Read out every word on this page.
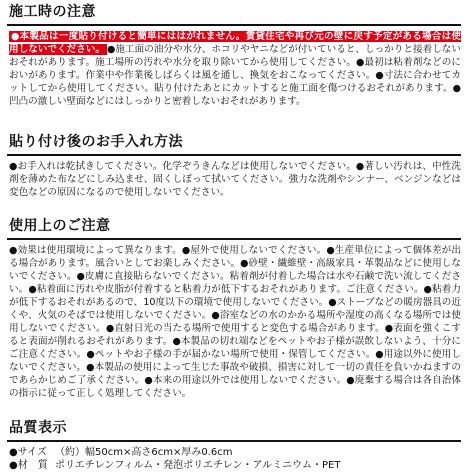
施工時の注意
●本製品は一度貼り付けると簡単にははがれません。賃貸住宅や再び元の壁に戻す予定がある場合は使用しないでください。 ●施工面の油分や水分、ホコリやヤニなどが付いていると、しっかりと接着しないおそれがあります。施工場所の汚れや水分を取り除いてから使用してください。●最初は粘着剤などのにおいがあります。作業中や作業後しばらくは風を通し、換気をおこなってください。●寸法に合わせてカットしてから使用してください。貼り付けたあとにカットすると施工面を傷つけるおそれがあります。●凹凸の激しい壁面などにはしっかりと密着しないおそれがあります。
貼り付け後のお手入れ方法
●お手入れは乾拭きしてください。化学ぞうきんなどは使用しないでください。●著しい汚れは、中性洗剤を薄めた布などにしみ込ませ、固くしぼって拭いてください。強力な洗剤やシンナー、ベンジンなどは変色などの原因になるので使用しないでください。
使用上のご注意
●効果は使用環境によって異なります。●屋外で使用しないでください。●生産単位によって個体差が出る場合があります。風合いとしてお楽しみください。●砂壁・繊維壁・高級家具・革製品などに使用しないでください。●皮膚に直接貼らないでください。粘着剤が付着した場合は水や石鹸で洗い流してください。●粘着面に汚れや皮脂が付着すると粘着力が低下するおそれがあります。ご注意ください。●粘着力が低下するおそれがあるので、10度以下の環境で使用しないでください。●ストーブなどの暖房器具の近くや、火気のそばでは使用しないでください。●浴室などの水のかかる場所や湿度の高くなる場所では使用しないでください。●直射日光の当たる場所で使用すると変色する場合があります。●表面を強くこすると表面が削れるおそれがあります。●本製品の切れ端などをペットやお子様が誤飲しないよう、十分にご注意ください。●ペットやお子様の手が届かない場所で使用・保管してください。●用途以外に使用しないでください。●本製品の使用によって生じた事故や破損、損害に対して一切の責任を負いかねますのであらかじめご了承ください。●本来の用途以外では使用しないでください。●廃棄する場合は各自治体の指示に従って正しく処理してください。
品質表示
●サイズ （約）幅50cm×高さ6cm×厚み0.6cm
●材　質 ポリエチレンフィルム・発泡ポリエチレン・アルミニウム・PET
